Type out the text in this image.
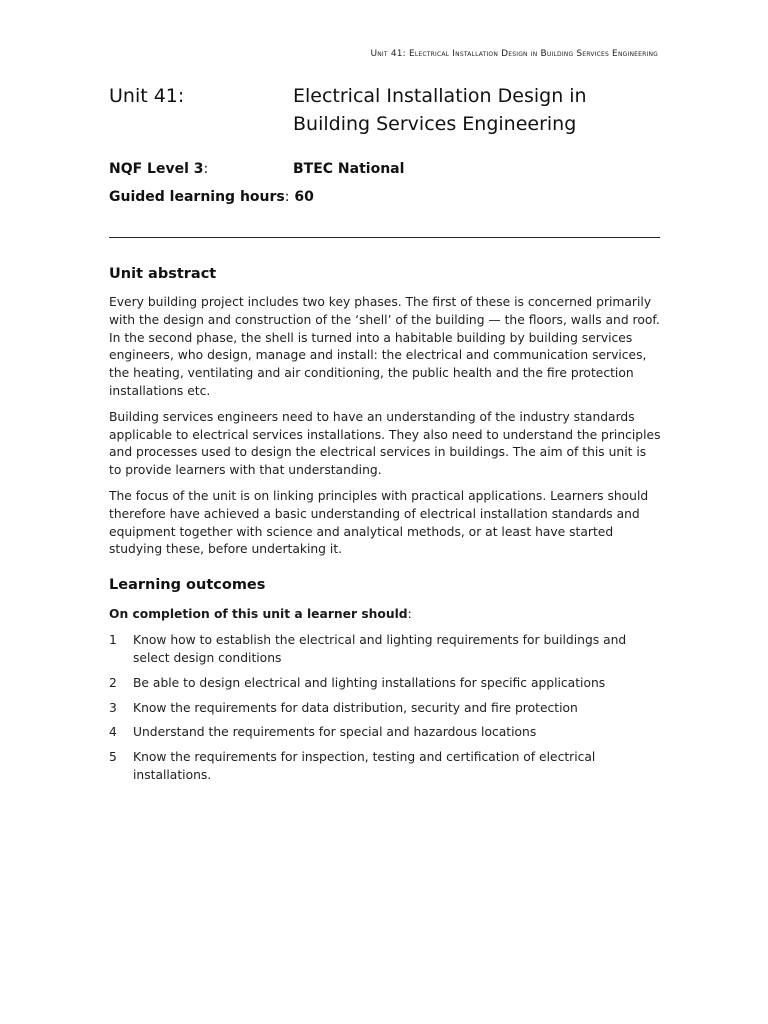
Unit 41: Electrical Installation Design in Building Services Engineering
Unit 41:	Electrical Installation Design in
Building Services Engineering
NQF Level 3:	BTEC National
Guided learning hours: 60
Unit abstract

Every building project includes two key phases. The first of these is concerned primarily with the design and construction of the ‘shell’ of the building — the floors, walls and roof. In the second phase, the shell is turned into a habitable building by building services engineers, who design, manage and install: the electrical and communication services, the heating, ventilating and air conditioning, the public health and the fire protection installations etc.

Building services engineers need to have an understanding of the industry standards applicable to electrical services installations. They also need to understand the principles and processes used to design the electrical services in buildings. The aim of this unit is to provide learners with that understanding.

The focus of the unit is on linking principles with practical applications. Learners should therefore have achieved a basic understanding of electrical installation standards and equipment together with science and analytical methods, or at least have started studying these, before undertaking it.

Learning outcomes
On completion of this unit a learner should:
1	Know how to establish the electrical and lighting requirements for buildings and select design conditions
2	Be able to design electrical and lighting installations for specific applications
3	Know the requirements for data distribution, security and fire protection
4	Understand the requirements for special and hazardous locations
5	Know the requirements for inspection, testing and certification of electrical installations.
